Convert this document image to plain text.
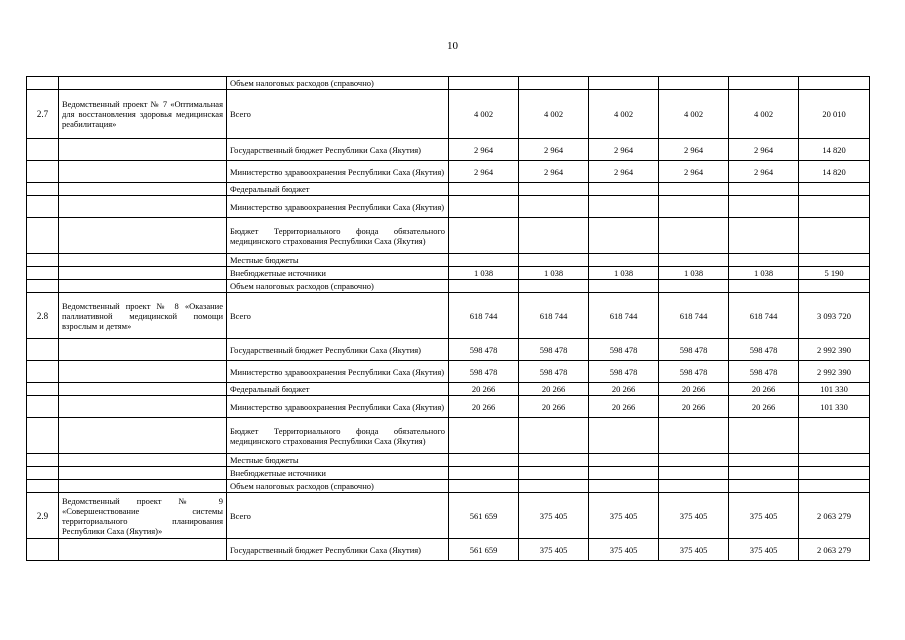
10
		Объем налоговых расходов (справочно)						
2.7	Ведомственный проект № 7 «Оптимальная для восстановления здоровья медицинская реабилитация»	Всего	4 002	4 002	4 002	4 002	4 002	20 010
		Государственный бюджет Республики Саха (Якутия)	2 964	2 964	2 964	2 964	2 964	14 820
		Министерство здравоохранения Республики Саха (Якутия)	2 964	2 964	2 964	2 964	2 964	14 820
		Федеральный бюджет						
		Министерство здравоохранения Республики Саха (Якутия)						
		Бюджет Территориального фонда обязательного медицинского страхования Республики Саха (Якутия)						
		Местные бюджеты						
		Внебюджетные источники	1 038	1 038	1 038	1 038	1 038	5 190
		Объем налоговых расходов (справочно)						
2.8	Ведомственный проект № 8 «Оказание паллиативной медицинской помощи взрослым и детям»	Всего	618 744	618 744	618 744	618 744	618 744	3 093 720
		Государственный бюджет Республики Саха (Якутия)	598 478	598 478	598 478	598 478	598 478	2 992 390
		Министерство здравоохранения Республики Саха (Якутия)	598 478	598 478	598 478	598 478	598 478	2 992 390
		Федеральный бюджет	20 266	20 266	20 266	20 266	20 266	101 330
		Министерство здравоохранения Республики Саха (Якутия)	20 266	20 266	20 266	20 266	20 266	101 330
		Бюджет Территориального фонда обязательного медицинского страхования Республики Саха (Якутия)						
		Местные бюджеты						
		Внебюджетные источники						
		Объем налоговых расходов (справочно)						
2.9	Ведомственный проект № 9 «Совершенствование системы территориального планирования Республики Саха (Якутия)»	Всего	561 659	375 405	375 405	375 405	375 405	2 063 279
		Государственный бюджет Республики Саха (Якутия)	561 659	375 405	375 405	375 405	375 405	2 063 279
